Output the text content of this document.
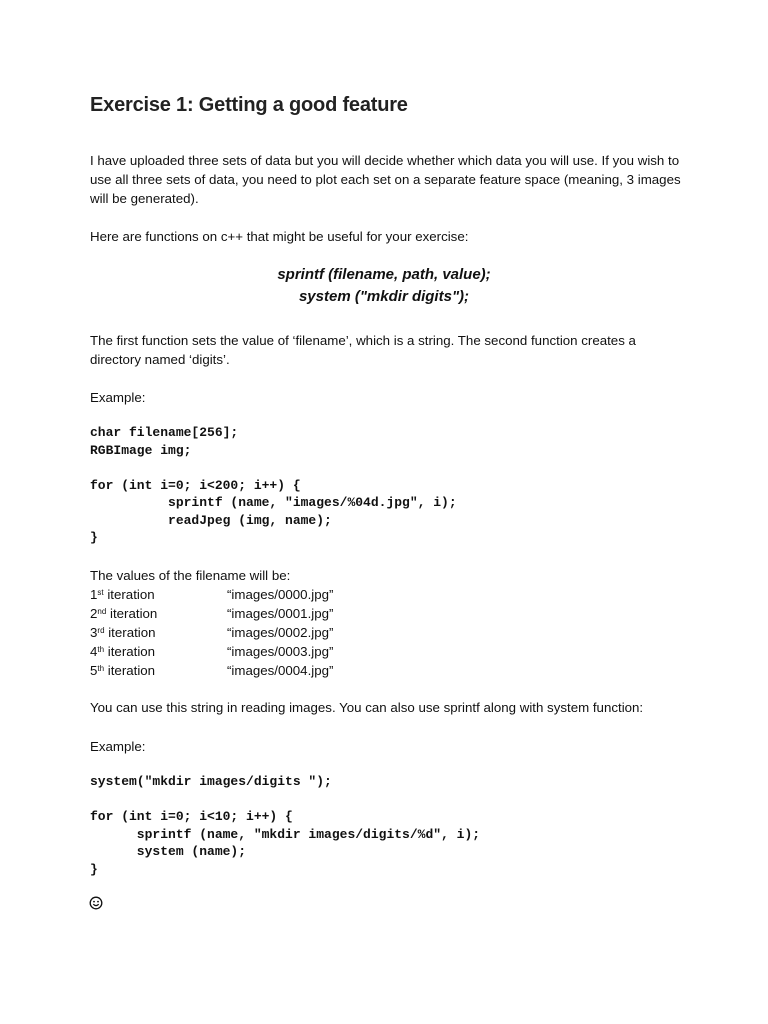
Exercise 1: Getting a good feature
I have uploaded three sets of data but you will decide whether which data you will use. If you wish to use all three sets of data, you need to plot each set on a separate feature space (meaning, 3 images will be generated).
Here are functions on c++ that might be useful for your exercise:
sprintf (filename, path, value);
system ("mkdir digits");
The first function sets the value of ‘filename’, which is a string. The second function creates a directory named ‘digits’.
Example:
char filename[256];
RGBImage img;

for (int i=0; i<200; i++) {
sprintf (name, "images/%04d.jpg", i);
readJpeg (img, name);
}
The values of the filename will be:
1st iteration	“images/0000.jpg”
2nd iteration	“images/0001.jpg”
3rd iteration	“images/0002.jpg”
4th iteration	“images/0003.jpg”
5th iteration	“images/0004.jpg”
You can use this string in reading images. You can also use sprintf along with system function:
Example:
system("mkdir images/digits ");
for (int i=0; i<10; i++) {
sprintf (name, "mkdir images/digits/%d", i);
system (name);
}
